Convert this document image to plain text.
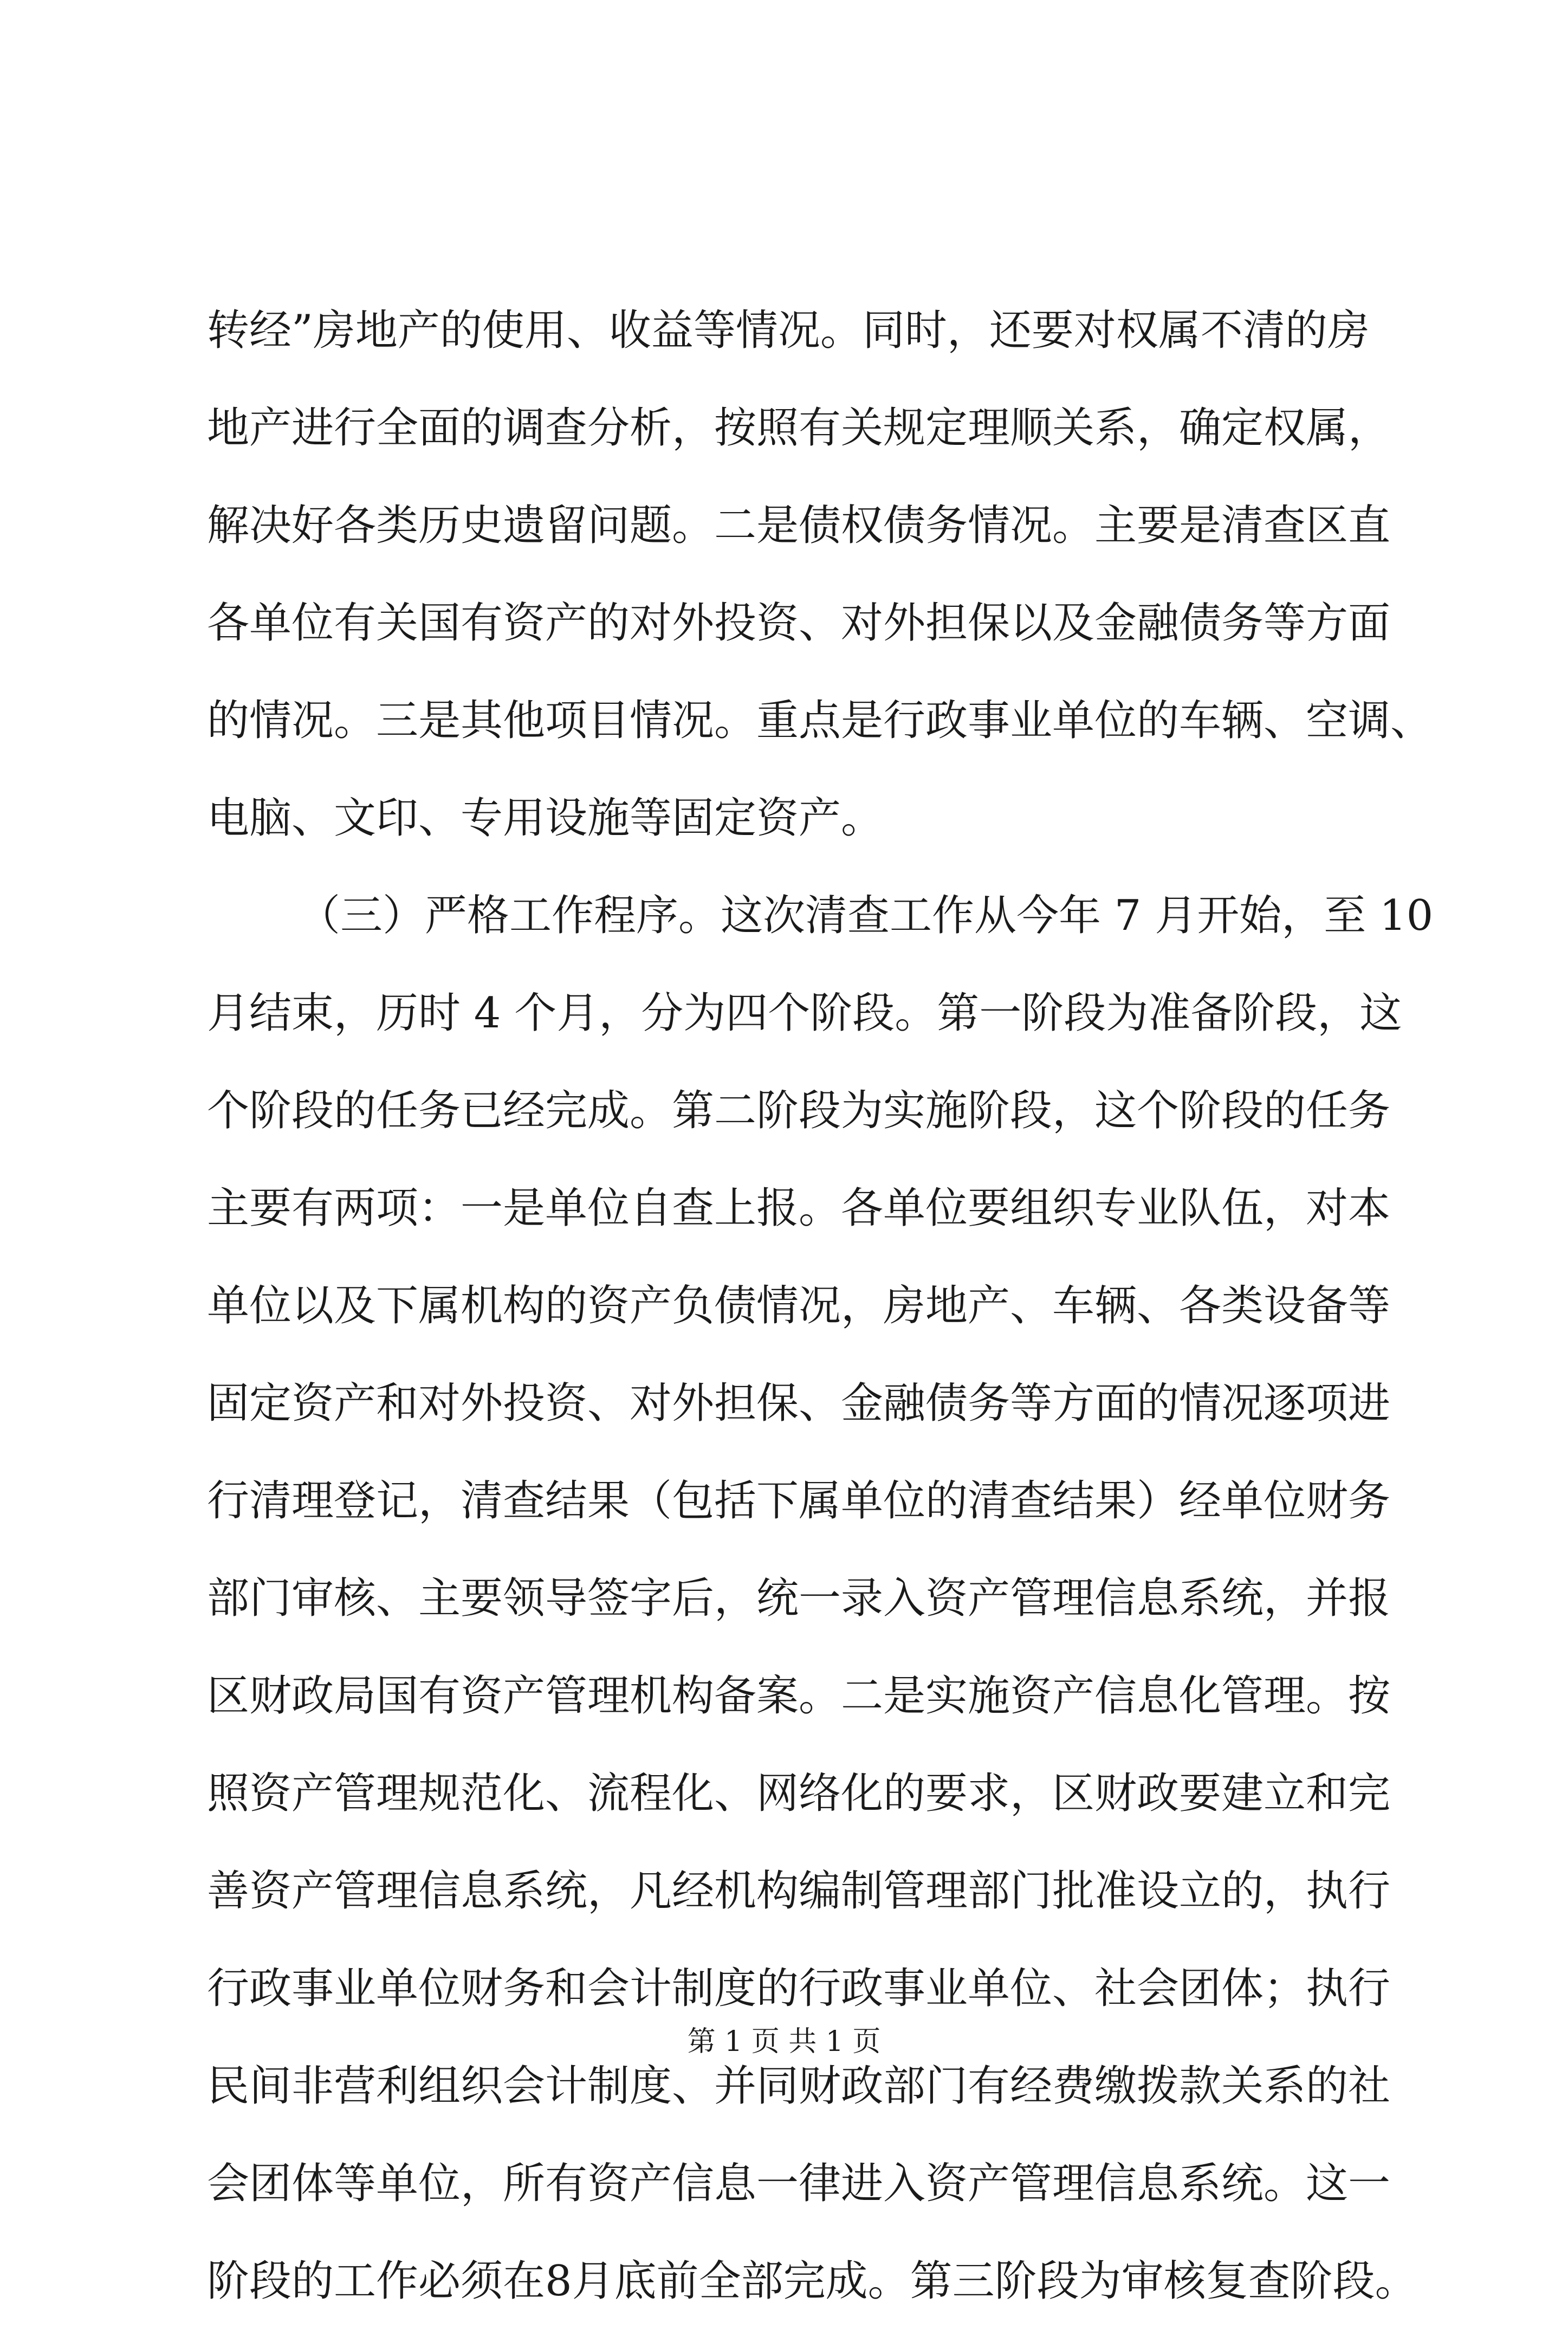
转经”房地产的使用、收益等情况。同时，还要对权属不清的房
地产进行全面的调查分析，按照有关规定理顺关系，确定权属，
解决好各类历史遗留问题。二是债权债务情况。主要是清查区直
各单位有关国有资产的对外投资、对外担保以及金融债务等方面
的情况。三是其他项目情况。重点是行政事业单位的车辆、空调、
电脑、文印、专用设施等固定资产。
（三）严格工作程序。这次清查工作从今年 7 月开始，至 10
月结束，历时 4 个月，分为四个阶段。第一阶段为准备阶段，这
个阶段的任务已经完成。第二阶段为实施阶段，这个阶段的任务
主要有两项：一是单位自查上报。各单位要组织专业队伍，对本
单位以及下属机构的资产负债情况，房地产、车辆、各类设备等
固定资产和对外投资、对外担保、金融债务等方面的情况逐项进
行清理登记，清查结果（包括下属单位的清查结果）经单位财务
部门审核、主要领导签字后，统一录入资产管理信息系统，并报
区财政局国有资产管理机构备案。二是实施资产信息化管理。按
照资产管理规范化、流程化、网络化的要求，区财政要建立和完
善资产管理信息系统，凡经机构编制管理部门批准设立的，执行
行政事业单位财务和会计制度的行政事业单位、社会团体；执行
民间非营利组织会计制度、并同财政部门有经费缴拨款关系的社
会团体等单位，所有资产信息一律进入资产管理信息系统。这一
阶段的工作必须在8月底前全部完成。第三阶段为审核复查阶段。
第 1 页 共 1 页
